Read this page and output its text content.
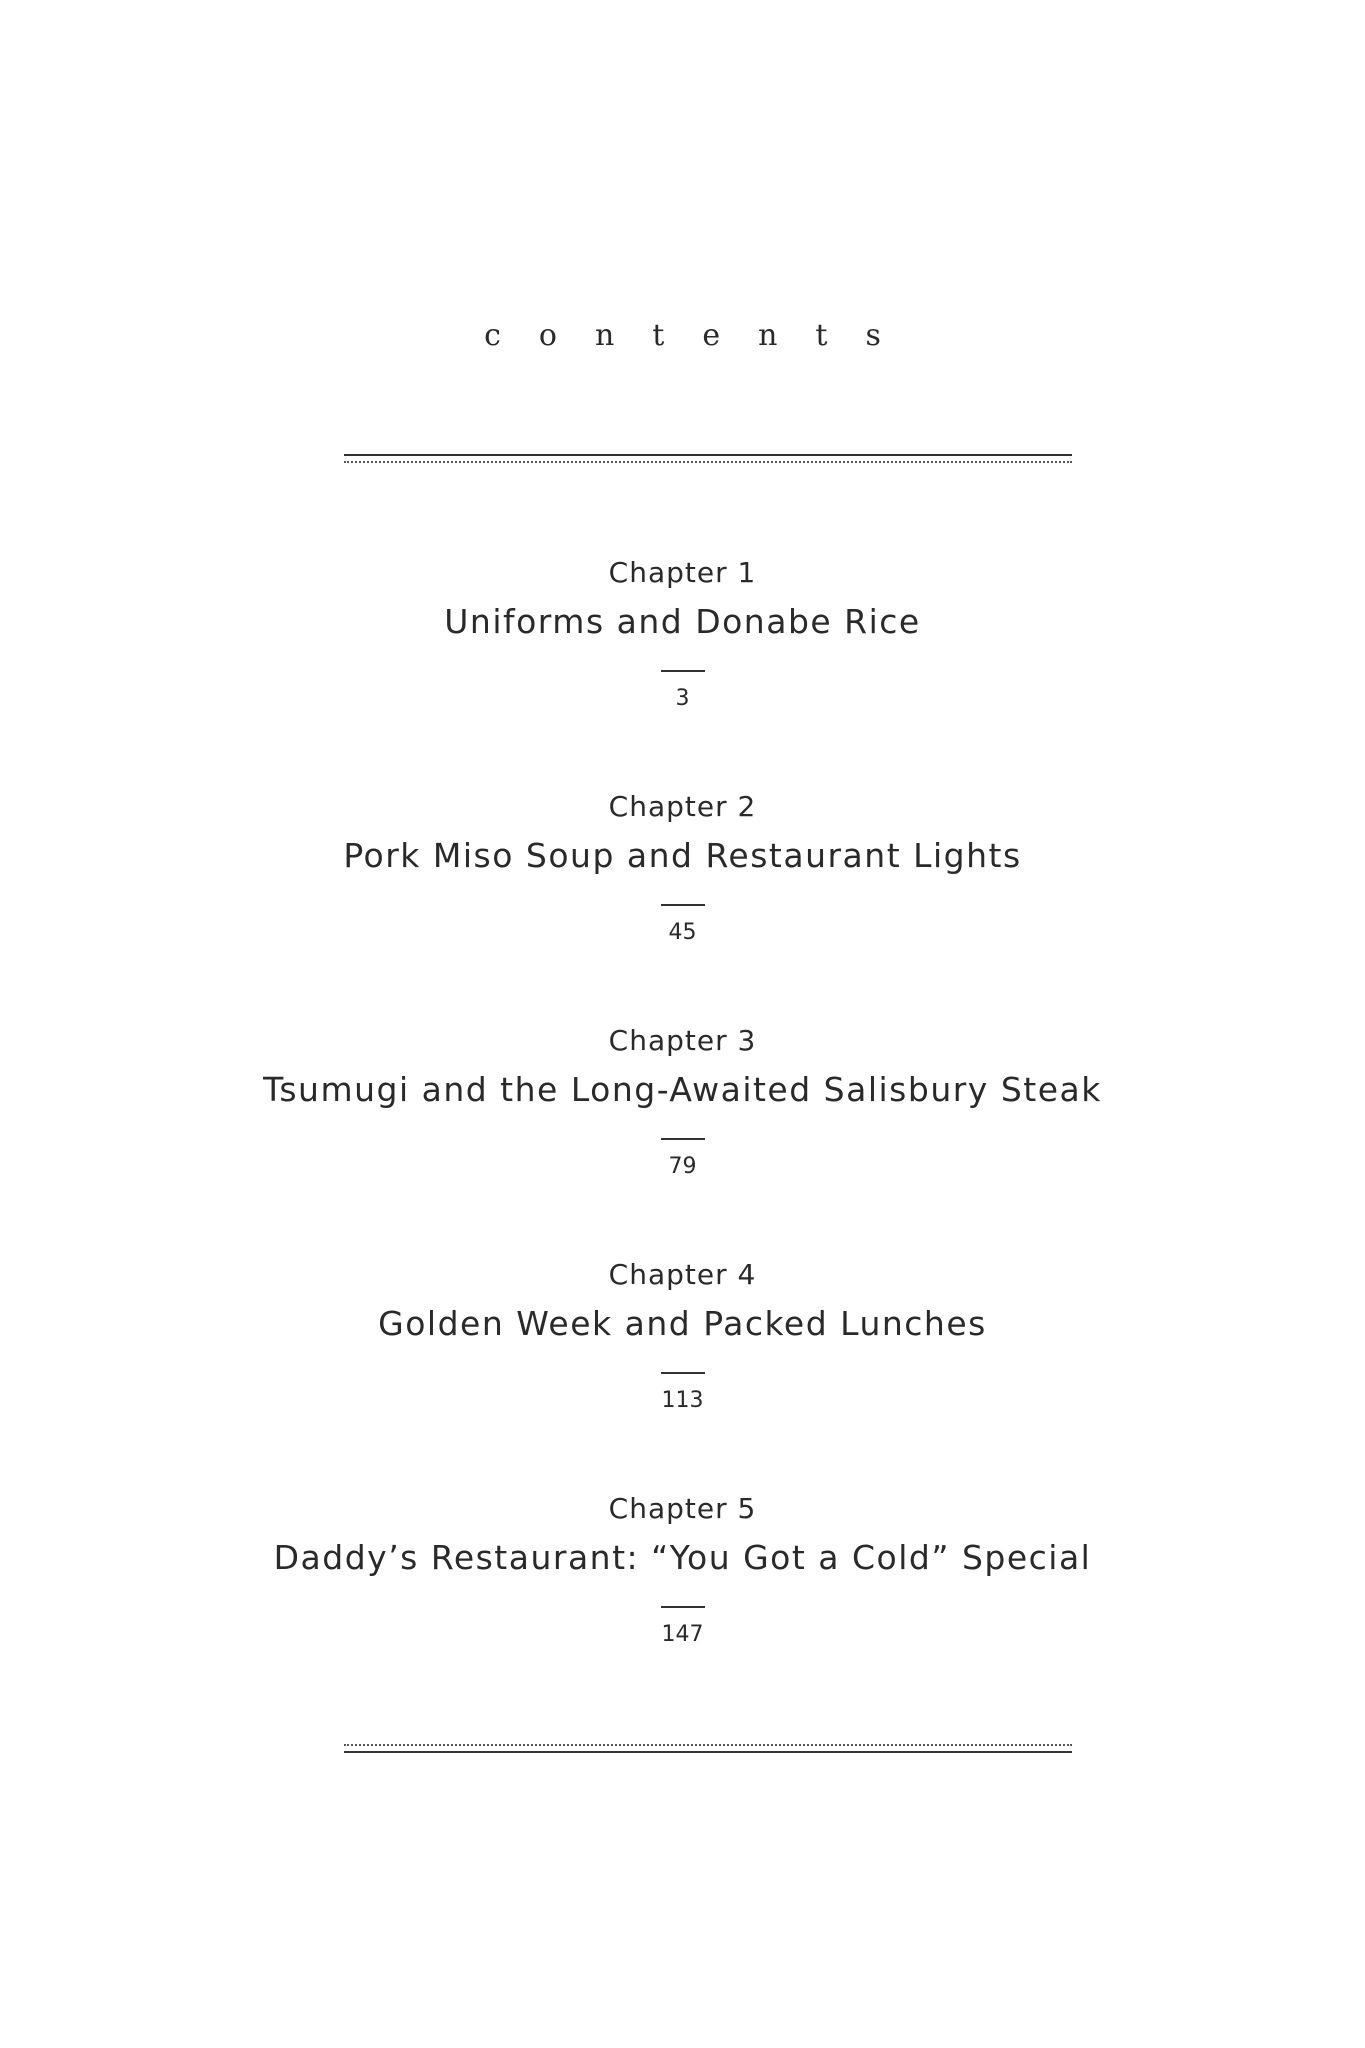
contents
Chapter 1
Uniforms and Donabe Rice
3
Chapter 2
Pork Miso Soup and Restaurant Lights
45
Chapter 3
Tsumugi and the Long-Awaited Salisbury Steak
79
Chapter 4
Golden Week and Packed Lunches
113
Chapter 5
Daddy’s Restaurant: “You Got a Cold” Special
147
